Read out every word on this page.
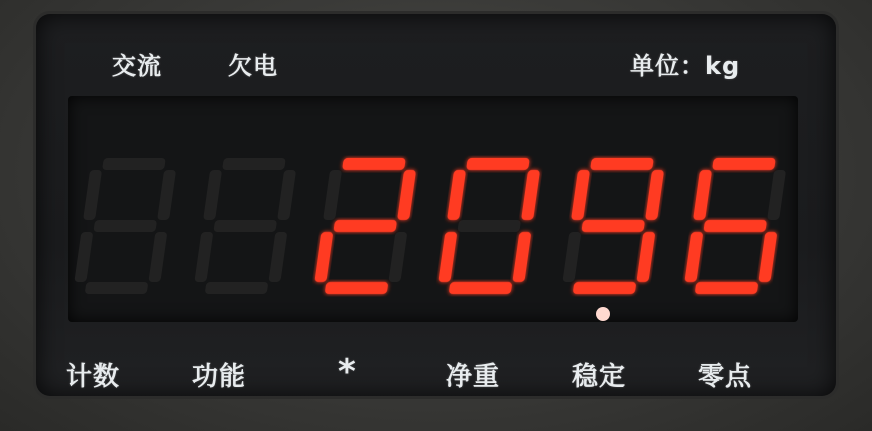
交流	欠电	单位：kg
计数	功能	*	净重	稳定	零点
